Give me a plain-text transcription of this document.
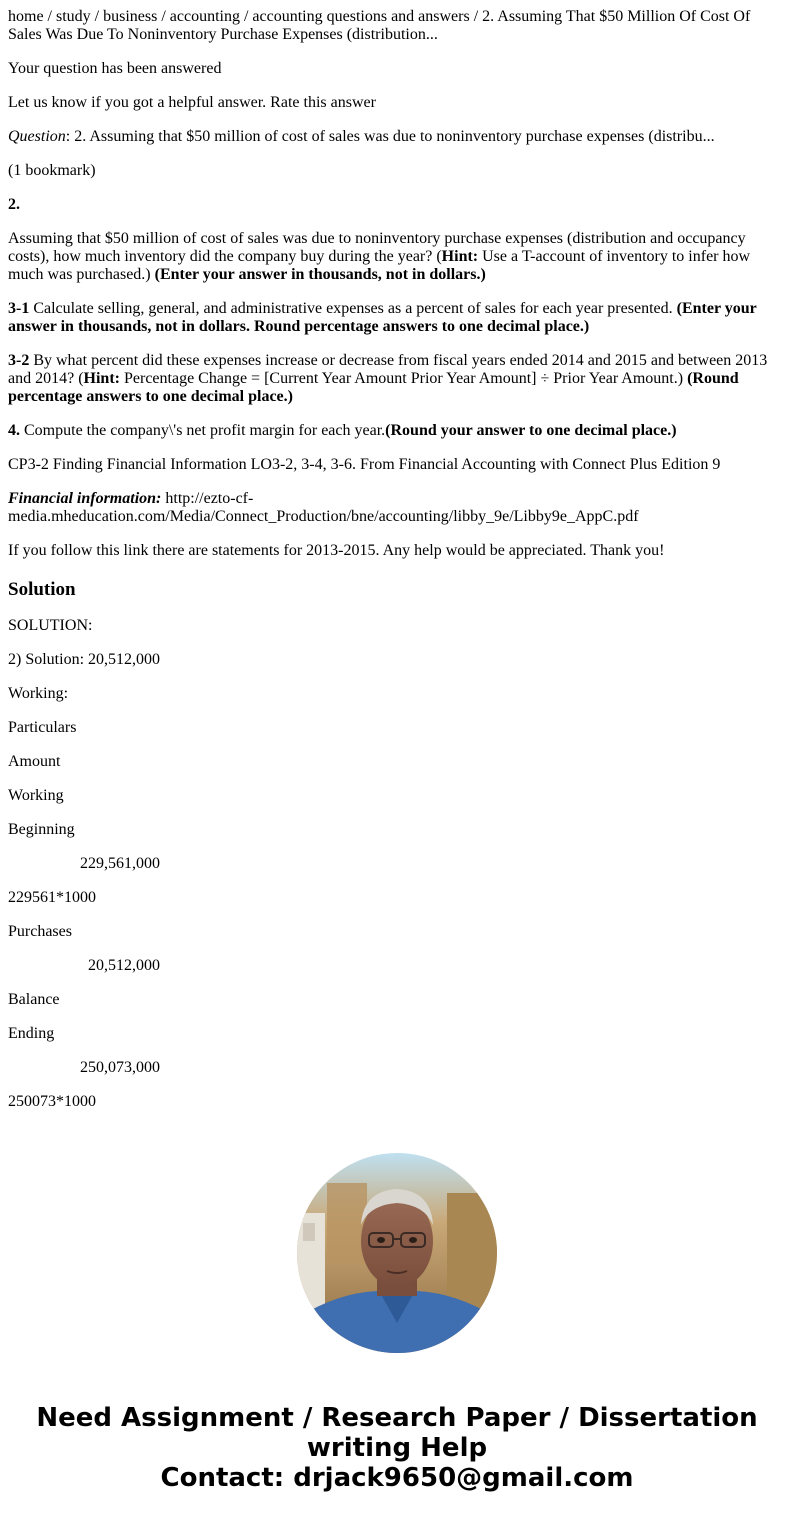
home / study / business / accounting / accounting questions and answers / 2. Assuming That $50 Million Of Cost Of Sales Was Due To Noninventory Purchase Expenses (distribution...

Your question has been answered

Let us know if you got a helpful answer. Rate this answer

Question: 2. Assuming that $50 million of cost of sales was due to noninventory purchase expenses (distribu...

(1 bookmark)

2.

Assuming that $50 million of cost of sales was due to noninventory purchase expenses (distribution and occupancy costs), how much inventory did the company buy during the year? (Hint: Use a T-account of inventory to infer how much was purchased.) (Enter your answer in thousands, not in dollars.)

3-1 Calculate selling, general, and administrative expenses as a percent of sales for each year presented. (Enter your answer in thousands, not in dollars. Round percentage answers to one decimal place.)

3-2 By what percent did these expenses increase or decrease from fiscal years ended 2014 and 2015 and between 2013 and 2014? (Hint: Percentage Change = [Current Year Amount Prior Year Amount] ÷ Prior Year Amount.) (Round percentage answers to one decimal place.)

4. Compute the company\'s net profit margin for each year.(Round your answer to one decimal place.)

CP3-2 Finding Financial Information LO3-2, 3-4, 3-6. From Financial Accounting with Connect Plus Edition 9

Financial information: http://ezto-cf-media.mheducation.com/Media/Connect_Production/bne/accounting/libby_9e/Libby9e_AppC.pdf

If you follow this link there are statements for 2013-2015. Any help would be appreciated. Thank you!

Solution

SOLUTION:

2) Solution: 20,512,000

Working:

Particulars

Amount

Working

Beginning

229,561,000

229561*1000

Purchases

20,512,000

Balance

Ending

250,073,000

250073*1000

Need Assignment / Research Paper / Dissertation writing Help
Contact: drjack9650@gmail.com
